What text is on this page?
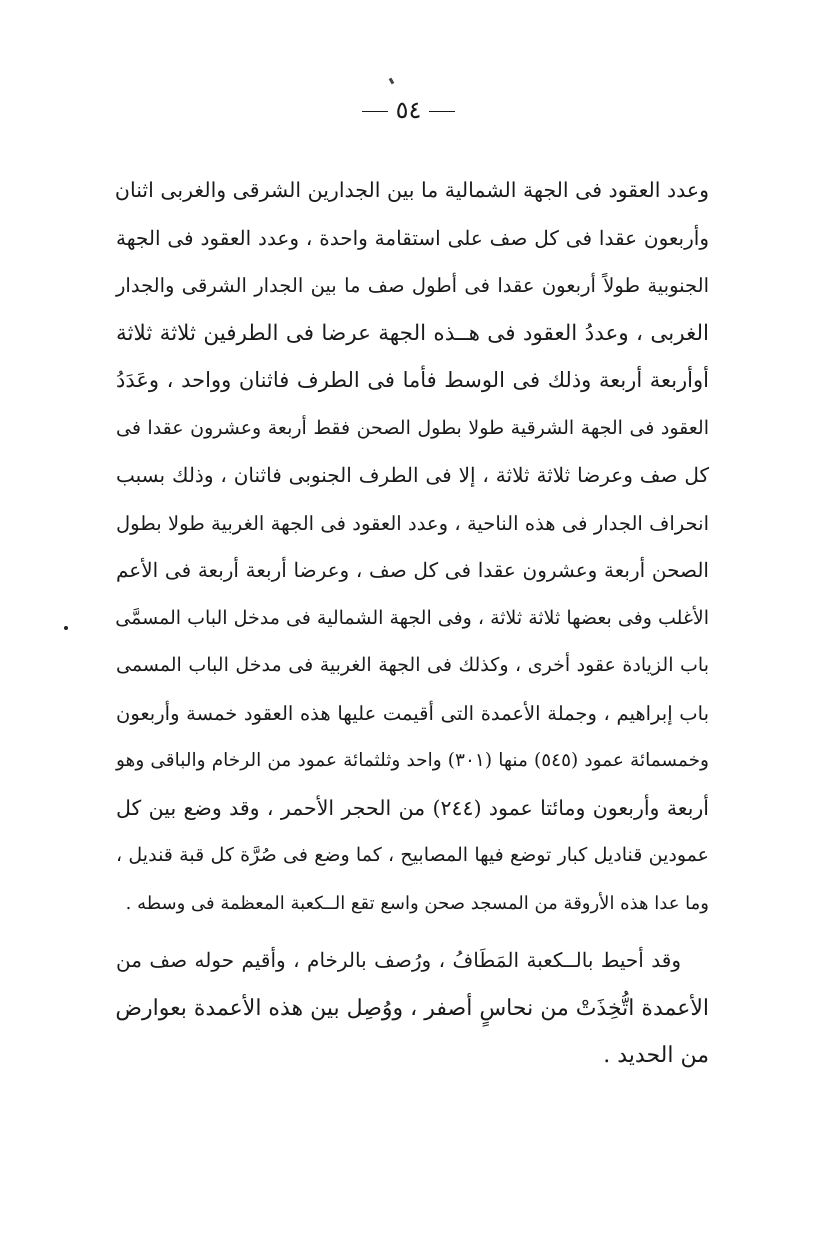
٥٤
وعدد العقود فى الجهة الشمالية ما بين الجدارين الشرقى والغربى اثنان
وأربعون عقدا فى كل صف على استقامة واحدة ، وعدد العقود فى الجهة
الجنوبية طولاً أربعون عقدا فى أطول صف ما بين الجدار الشرقى والجدار
الغربى ، وعددُ العقود فى هــذه الجهة عرضا فى الطرفين ثلاثة ثلاثة
أوأربعة أربعة وذلك فى الوسط فأما فى الطرف فاثنان وواحد ، وعَدَدُ
العقود فى الجهة الشرقية طولا بطول الصحن فقط أربعة وعشرون عقدا فى
كل صف وعرضا ثلاثة ثلاثة ، إلا فى الطرف الجنوبى فاثنان ، وذلك بسبب
انحراف الجدار فى هذه الناحية ، وعدد العقود فى الجهة الغربية طولا بطول
الصحن أربعة وعشرون عقدا فى كل صف ، وعرضا أربعة أربعة فى الأعم
الأغلب وفى بعضها ثلاثة ثلاثة ، وفى الجهة الشمالية فى مدخل الباب المسمَّى
باب الزيادة عقود أخرى ، وكذلك فى الجهة الغربية فى مدخل الباب المسمى
باب إبراهيم ، وجملة الأعمدة التى أقيمت عليها هذه العقود خمسة وأربعون
وخمسمائة عمود (٥٤٥) منها (٣٠١) واحد وثلثمائة عمود من الرخام والباقى وهو
أربعة وأربعون ومائتا عمود (٢٤٤) من الحجر الأحمر ، وقد وضع بين كل
عمودين قناديل كبار توضع فيها المصابيح ، كما وضع فى صُرَّة كل قبة قنديل ،
وما عدا هذه الأروقة من المسجد صحن واسع تقع الــكعبة المعظمة فى وسطه .
وقد أحيط بالــكعبة المَطَافُ ، ورُصف بالرخام ، وأقيم حوله صف من
الأعمدة اتُّخِذَتْ من نحاسٍ أصفر ، ووُصِل بين هذه الأعمدة بعوارض
من الحديد .
